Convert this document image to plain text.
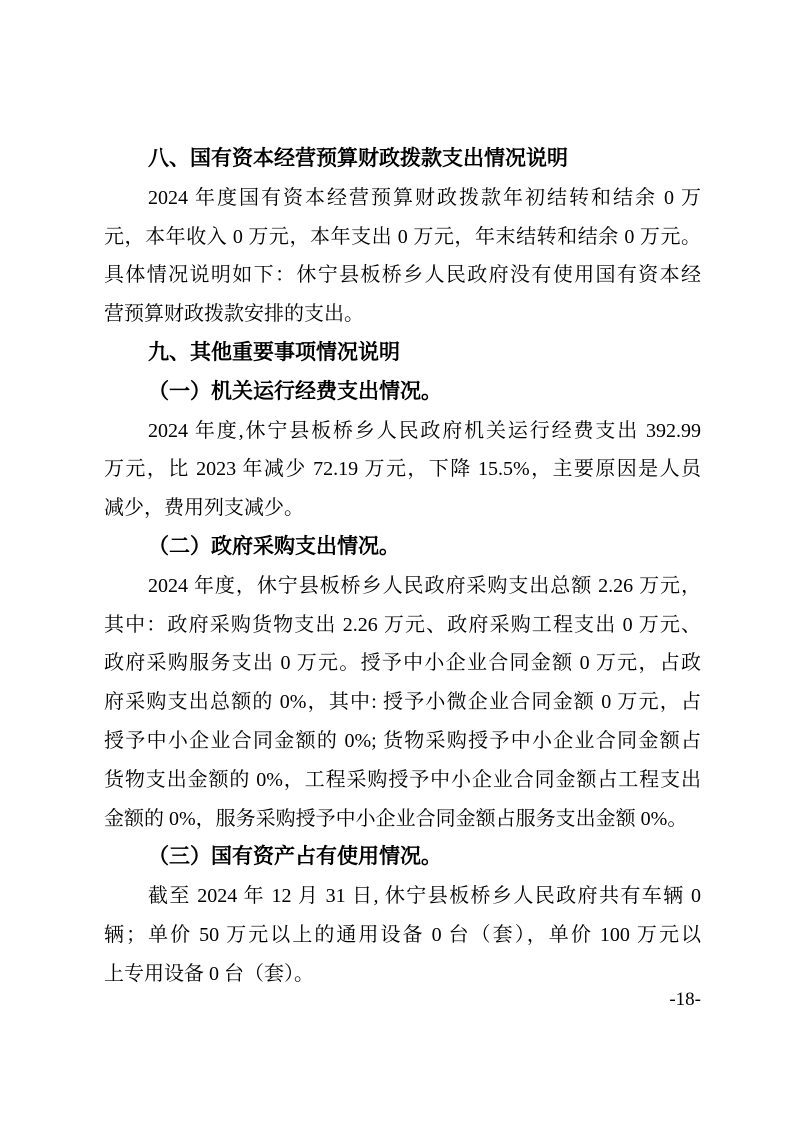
八、国有资本经营预算财政拨款支出情况说明
2024 年度国有资本经营预算财政拨款年初结转和结余 0 万
元，本年收入 0 万元，本年支出 0 万元，年末结转和结余 0 万元。
具体情况说明如下：休宁县板桥乡人民政府没有使用国有资本经
营预算财政拨款安排的支出。
九、其他重要事项情况说明
（一）机关运行经费支出情况。
2024 年度,休宁县板桥乡人民政府机关运行经费支出 392.99
万元，比 2023 年减少 72.19 万元，下降 15.5%，主要原因是人员
减少，费用列支减少。
（二）政府采购支出情况。
2024 年度，休宁县板桥乡人民政府采购支出总额 2.26 万元，
其中：政府采购货物支出 2.26 万元、政府采购工程支出 0 万元、
政府采购服务支出 0 万元。授予中小企业合同金额 0 万元，占政
府采购支出总额的 0%，其中: 授予小微企业合同金额 0 万元，占
授予中小企业合同金额的 0%; 货物采购授予中小企业合同金额占
货物支出金额的 0%，工程采购授予中小企业合同金额占工程支出
金额的 0%，服务采购授予中小企业合同金额占服务支出金额 0%。
（三）国有资产占有使用情况。
截至 2024 年 12 月 31 日, 休宁县板桥乡人民政府共有车辆 0
辆；单价 50 万元以上的通用设备 0 台（套），单价 100 万元以
上专用设备 0 台（套）。
-18-
